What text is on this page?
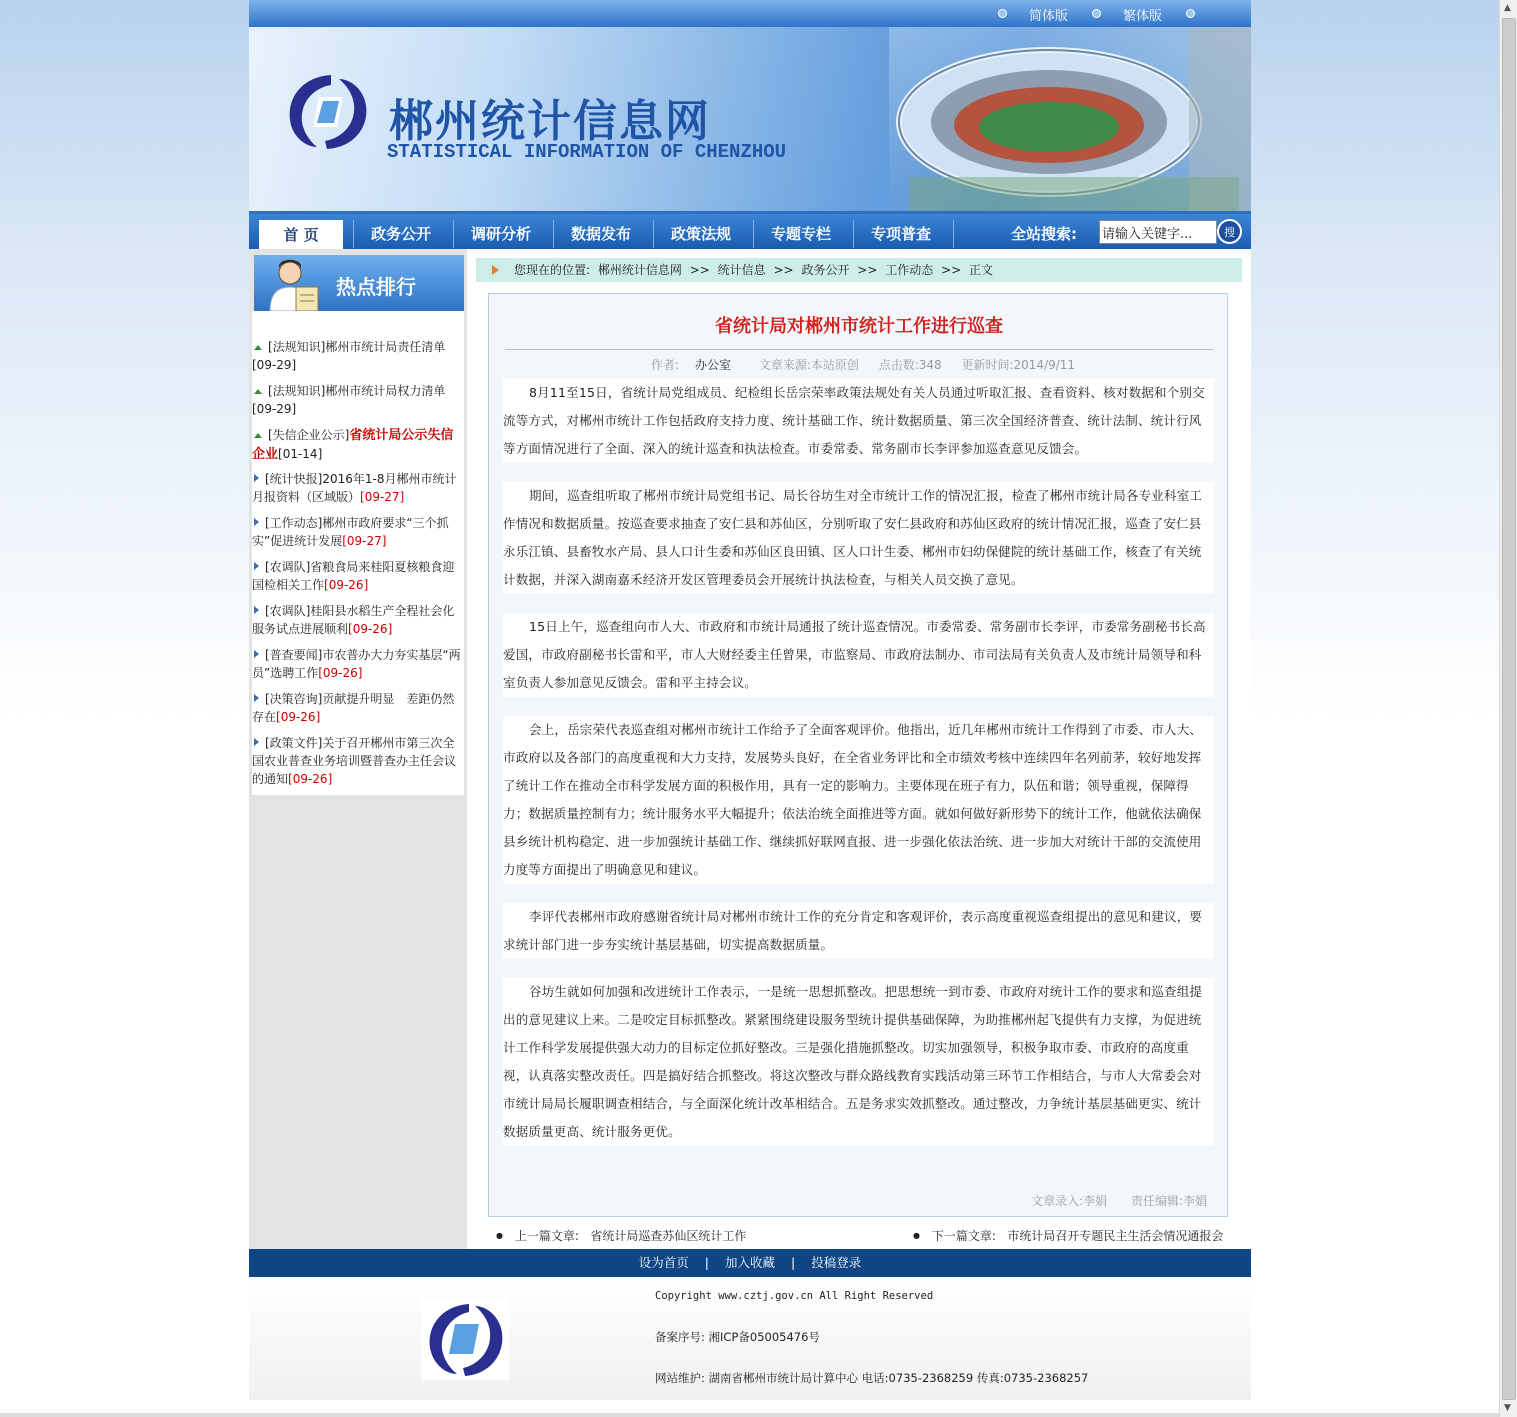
简体版	繁体版
郴州统计信息网
STATISTICAL INFORMATION OF CHENZHOU
首 页	政务公开	调研分析	数据发布	政策法规	专题专栏	专项普查	全站搜索:
请输入关键字...	搜
热点排行
[法规知识]郴州市统计局责任清单
[09-29]
[法规知识]郴州市统计局权力清单
[09-29]
[失信企业公示]省统计局公示失信企业[01-14]
[统计快报]2016年1-8月郴州市统计月报资料（区域版）[09-27]
[工作动态]郴州市政府要求“三个抓实”促进统计发展[09-27]
[农调队]省粮食局来桂阳夏核粮食迎国检相关工作[09-26]
[农调队]桂阳县水稻生产全程社会化服务试点进展顺利[09-26]
[普查要闻]市农普办大力夯实基层“两员”选聘工作[09-26]
[决策咨询]贡献提升明显　差距仍然存在[09-26]
[政策文件]关于召开郴州市第三次全国农业普查业务培训暨普查办主任会议的通知[09-26]
您现在的位置: 郴州统计信息网 >> 统计信息 >> 政务公开 >> 工作动态 >> 正文
省统计局对郴州市统计工作进行巡查
作者: 办公室 文章来源:本站原创 点击数:348 更新时间:2014/9/11
8月11至15日，省统计局党组成员、纪检组长岳宗荣率政策法规处有关人员通过听取汇报、查看资料、核对数据和个别交流等方式，对郴州市统计工作包括政府支持力度、统计基础工作、统计数据质量、第三次全国经济普查、统计法制、统计行风等方面情况进行了全面、深入的统计巡查和执法检查。市委常委、常务副市长李评参加巡查意见反馈会。
期间，巡查组听取了郴州市统计局党组书记、局长谷坊生对全市统计工作的情况汇报，检查了郴州市统计局各专业科室工作情况和数据质量。按巡查要求抽查了安仁县和苏仙区，分别听取了安仁县政府和苏仙区政府的统计情况汇报，巡查了安仁县永乐江镇、县畜牧水产局、县人口计生委和苏仙区良田镇、区人口计生委、郴州市妇幼保健院的统计基础工作，核查了有关统计数据，并深入湖南嘉禾经济开发区管理委员会开展统计执法检查，与相关人员交换了意见。
15日上午，巡查组向市人大、市政府和市统计局通报了统计巡查情况。市委常委、常务副市长李评，市委常务副秘书长高爱国，市政府副秘书长雷和平，市人大财经委主任曾果，市监察局、市政府法制办、市司法局有关负责人及市统计局领导和科室负责人参加意见反馈会。雷和平主持会议。
会上，岳宗荣代表巡查组对郴州市统计工作给予了全面客观评价。他指出，近几年郴州市统计工作得到了市委、市人大、市政府以及各部门的高度重视和大力支持，发展势头良好，在全省业务评比和全市绩效考核中连续四年名列前茅，较好地发挥了统计工作在推动全市科学发展方面的积极作用，具有一定的影响力。主要体现在班子有力，队伍和谐；领导重视，保障得力；数据质量控制有力；统计服务水平大幅提升；依法治统全面推进等方面。就如何做好新形势下的统计工作，他就依法确保县乡统计机构稳定、进一步加强统计基础工作、继续抓好联网直报、进一步强化依法治统、进一步加大对统计干部的交流使用力度等方面提出了明确意见和建议。
李评代表郴州市政府感谢省统计局对郴州市统计工作的充分肯定和客观评价，表示高度重视巡查组提出的意见和建议，要求统计部门进一步夯实统计基层基础，切实提高数据质量。
谷坊生就如何加强和改进统计工作表示，一是统一思想抓整改。把思想统一到市委、市政府对统计工作的要求和巡查组提出的意见建议上来。二是咬定目标抓整改。紧紧围绕建设服务型统计提供基础保障，为助推郴州起飞提供有力支撑，为促进统计工作科学发展提供强大动力的目标定位抓好整改。三是强化措施抓整改。切实加强领导，积极争取市委、市政府的高度重视，认真落实整改责任。四是搞好结合抓整改。将这次整改与群众路线教育实践活动第三环节工作相结合，与市人大常委会对市统计局局长履职调查相结合，与全面深化统计改革相结合。五是务求实效抓整改。通过整改，力争统计基层基础更实、统计数据质量更高、统计服务更优。
文章录入:李娟 责任编辑:李娟
● 上一篇文章: 省统计局巡查苏仙区统计工作
●	下一篇文章: 市统计局召开专题民主生活会情况通报会
设为首页 | 加入收藏 | 投稿登录
Copyright www.cztj.gov.cn All Right Reserved
备案序号: 湘ICP备05005476号
网站维护: 湖南省郴州市统计局计算中心 电话:0735-2368259 传真:0735-2368257
▲
▼
